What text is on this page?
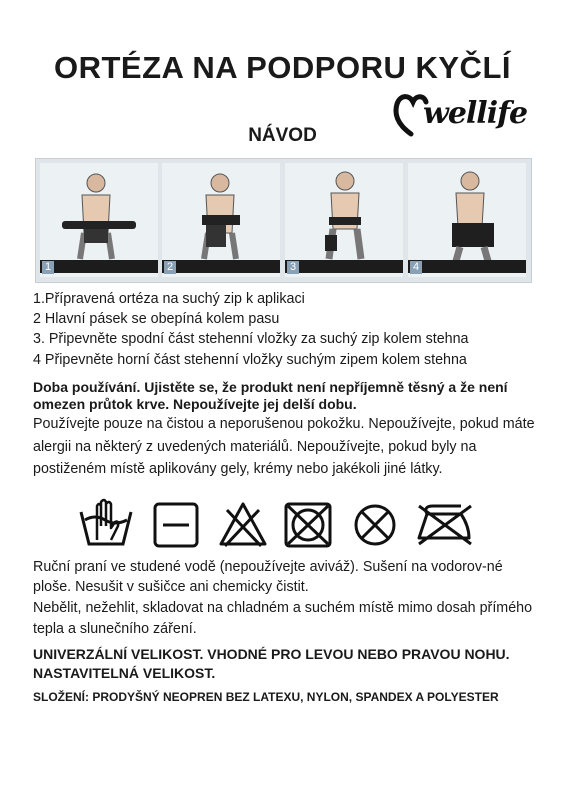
ORTÉZA NA PODPORU KYČLÍ
wellife
NÁVOD
1	2	3	4
1.Přípravená ortéza na suchý zip k aplikaci
2 Hlavní pásek se obepíná kolem pasu
3. Připevněte spodní část stehenní vložky za suchý zip kolem stehna
4 Připevněte horní část stehenní vložky suchým zipem kolem stehna

Doba používání. Ujistěte se, že produkt není nepříjemně těsný a že není omezen průtok krve. Nepoužívejte jej delší dobu.

Používejte pouze na čistou a neporušenou pokožku. Nepoužívejte, pokud máte alergii na některý z uvedených materiálů. Nepoužívejte, pokud byly na postiženém místě aplikovány gely, krémy nebo jakékoli jiné látky.

Ruční praní ve studené vodě (nepoužívejte aviváž). Sušení na vodorov-né ploše. Nesušit v sušičce ani chemicky čistit.

Nebělit, nežehlit, skladovat na chladném a suchém místě mimo dosah přímého tepla a slunečního záření.

UNIVERZÁLNÍ VELIKOST. VHODNÉ PRO LEVOU NEBO PRAVOU NOHU. NASTAVITELNÁ VELIKOST.

SLOŽENÍ: PRODYŠNÝ NEOPREN BEZ LATEXU, NYLON, SPANDEX A POLYESTER
